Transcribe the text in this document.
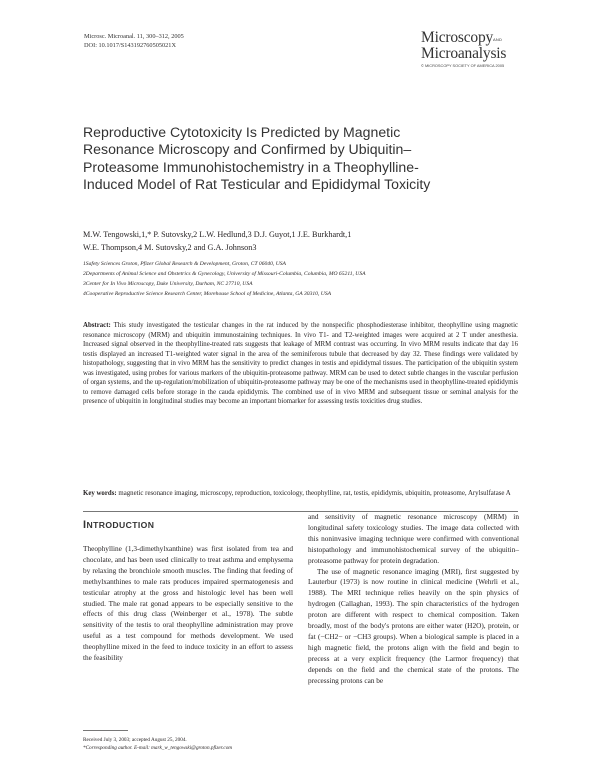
Microsc. Microanal. 11, 300–312, 2005
DOI: 10.1017/S143192760505021X	MicroscopyAND
Microanalysis
© MICROSCOPY SOCIETY OF AMERICA 2005
Reproductive Cytotoxicity Is Predicted by Magnetic Resonance Microscopy and Confirmed by Ubiquitin–Proteasome Immunohistochemistry in a Theophylline-Induced Model of Rat Testicular and Epididymal Toxicity
M.W. Tengowski,1,* P. Sutovsky,2 L.W. Hedlund,3 D.J. Guyot,1 J.E. Burkhardt,1
W.E. Thompson,4 M. Sutovsky,2 and G.A. Johnson3
1Safety Sciences Groton, Pfizer Global Research & Development, Groton, CT 06040, USA
2Departments of Animal Science and Obstetrics & Gynecology, University of Missouri-Columbia, Columbia, MO 65211, USA
3Center for In Vivo Microscopy, Duke University, Durham, NC 27710, USA
4Cooperative Reproductive Science Research Center, Morehouse School of Medicine, Atlanta, GA 30310, USA
Abstract: This study investigated the testicular changes in the rat induced by the nonspecific phosphodiesterase inhibitor, theophylline using magnetic resonance microscopy (MRM) and ubiquitin immunostaining techniques. In vivo T1- and T2-weighted images were acquired at 2 T under anesthesia. Increased signal observed in the theophylline-treated rats suggests that leakage of MRM contrast was occurring. In vivo MRM results indicate that day 16 testis displayed an increased T1-weighted water signal in the area of the seminiferous tubule that decreased by day 32. These findings were validated by histopathology, suggesting that in vivo MRM has the sensitivity to predict changes in testis and epididymal tissues. The participation of the ubiquitin system was investigated, using probes for various markers of the ubiquitin-proteasome pathway. MRM can be used to detect subtle changes in the vascular perfusion of organ systems, and the up-regulation/mobilization of ubiquitin-proteasome pathway may be one of the mechanisms used in theophylline-treated epididymis to remove damaged cells before storage in the cauda epididymis. The combined use of in vivo MRM and subsequent tissue or seminal analysis for the presence of ubiquitin in longitudinal studies may become an important biomarker for assessing testis toxicities drug studies.
Key words: magnetic resonance imaging, microscopy, reproduction, toxicology, theophylline, rat, testis, epididymis, ubiquitin, proteasome, Arylsulfatase A
INTRODUCTION

Theophylline (1,3-dimethylxanthine) was first isolated from tea and chocolate, and has been used clinically to treat asthma and emphysema by relaxing the bronchiole smooth muscles. The finding that feeding of methylxanthines to male rats produces impaired spermatogenesis and testicular atrophy at the gross and histologic level has been well studied. The male rat gonad appears to be especially sensitive to the effects of this drug class (Weinberger et al., 1978). The subtle sensitivity of the testis to oral theophylline administration may prove useful as a test compound for methods development. We used theophylline mixed in the feed to induce toxicity in an effort to assess the feasibility

and sensitivity of magnetic resonance microscopy (MRM) in longitudinal safety toxicology studies. The image data collected with this noninvasive imaging technique were confirmed with conventional histopathology and immunohistochemical survey of the ubiquitin–proteasome pathway for protein degradation.

The use of magnetic resonance imaging (MRI), first suggested by Lauterbur (1973) is now routine in clinical medicine (Wehrli et al., 1988). The MRI technique relies heavily on the spin physics of hydrogen (Callaghan, 1993). The spin characteristics of the hydrogen proton are different with respect to chemical composition. Taken broadly, most of the body's protons are either water (H2O), protein, or fat (−CH2− or −CH3 groups). When a biological sample is placed in a high magnetic field, the protons align with the field and begin to precess at a very explicit frequency (the Larmor frequency) that depends on the field and the chemical state of the protons. The precessing protons can be

Received July 3, 2003; accepted August 25, 2004.
*Corresponding author. E-mail: mark_w_tengowski@groton.pfizer.com
